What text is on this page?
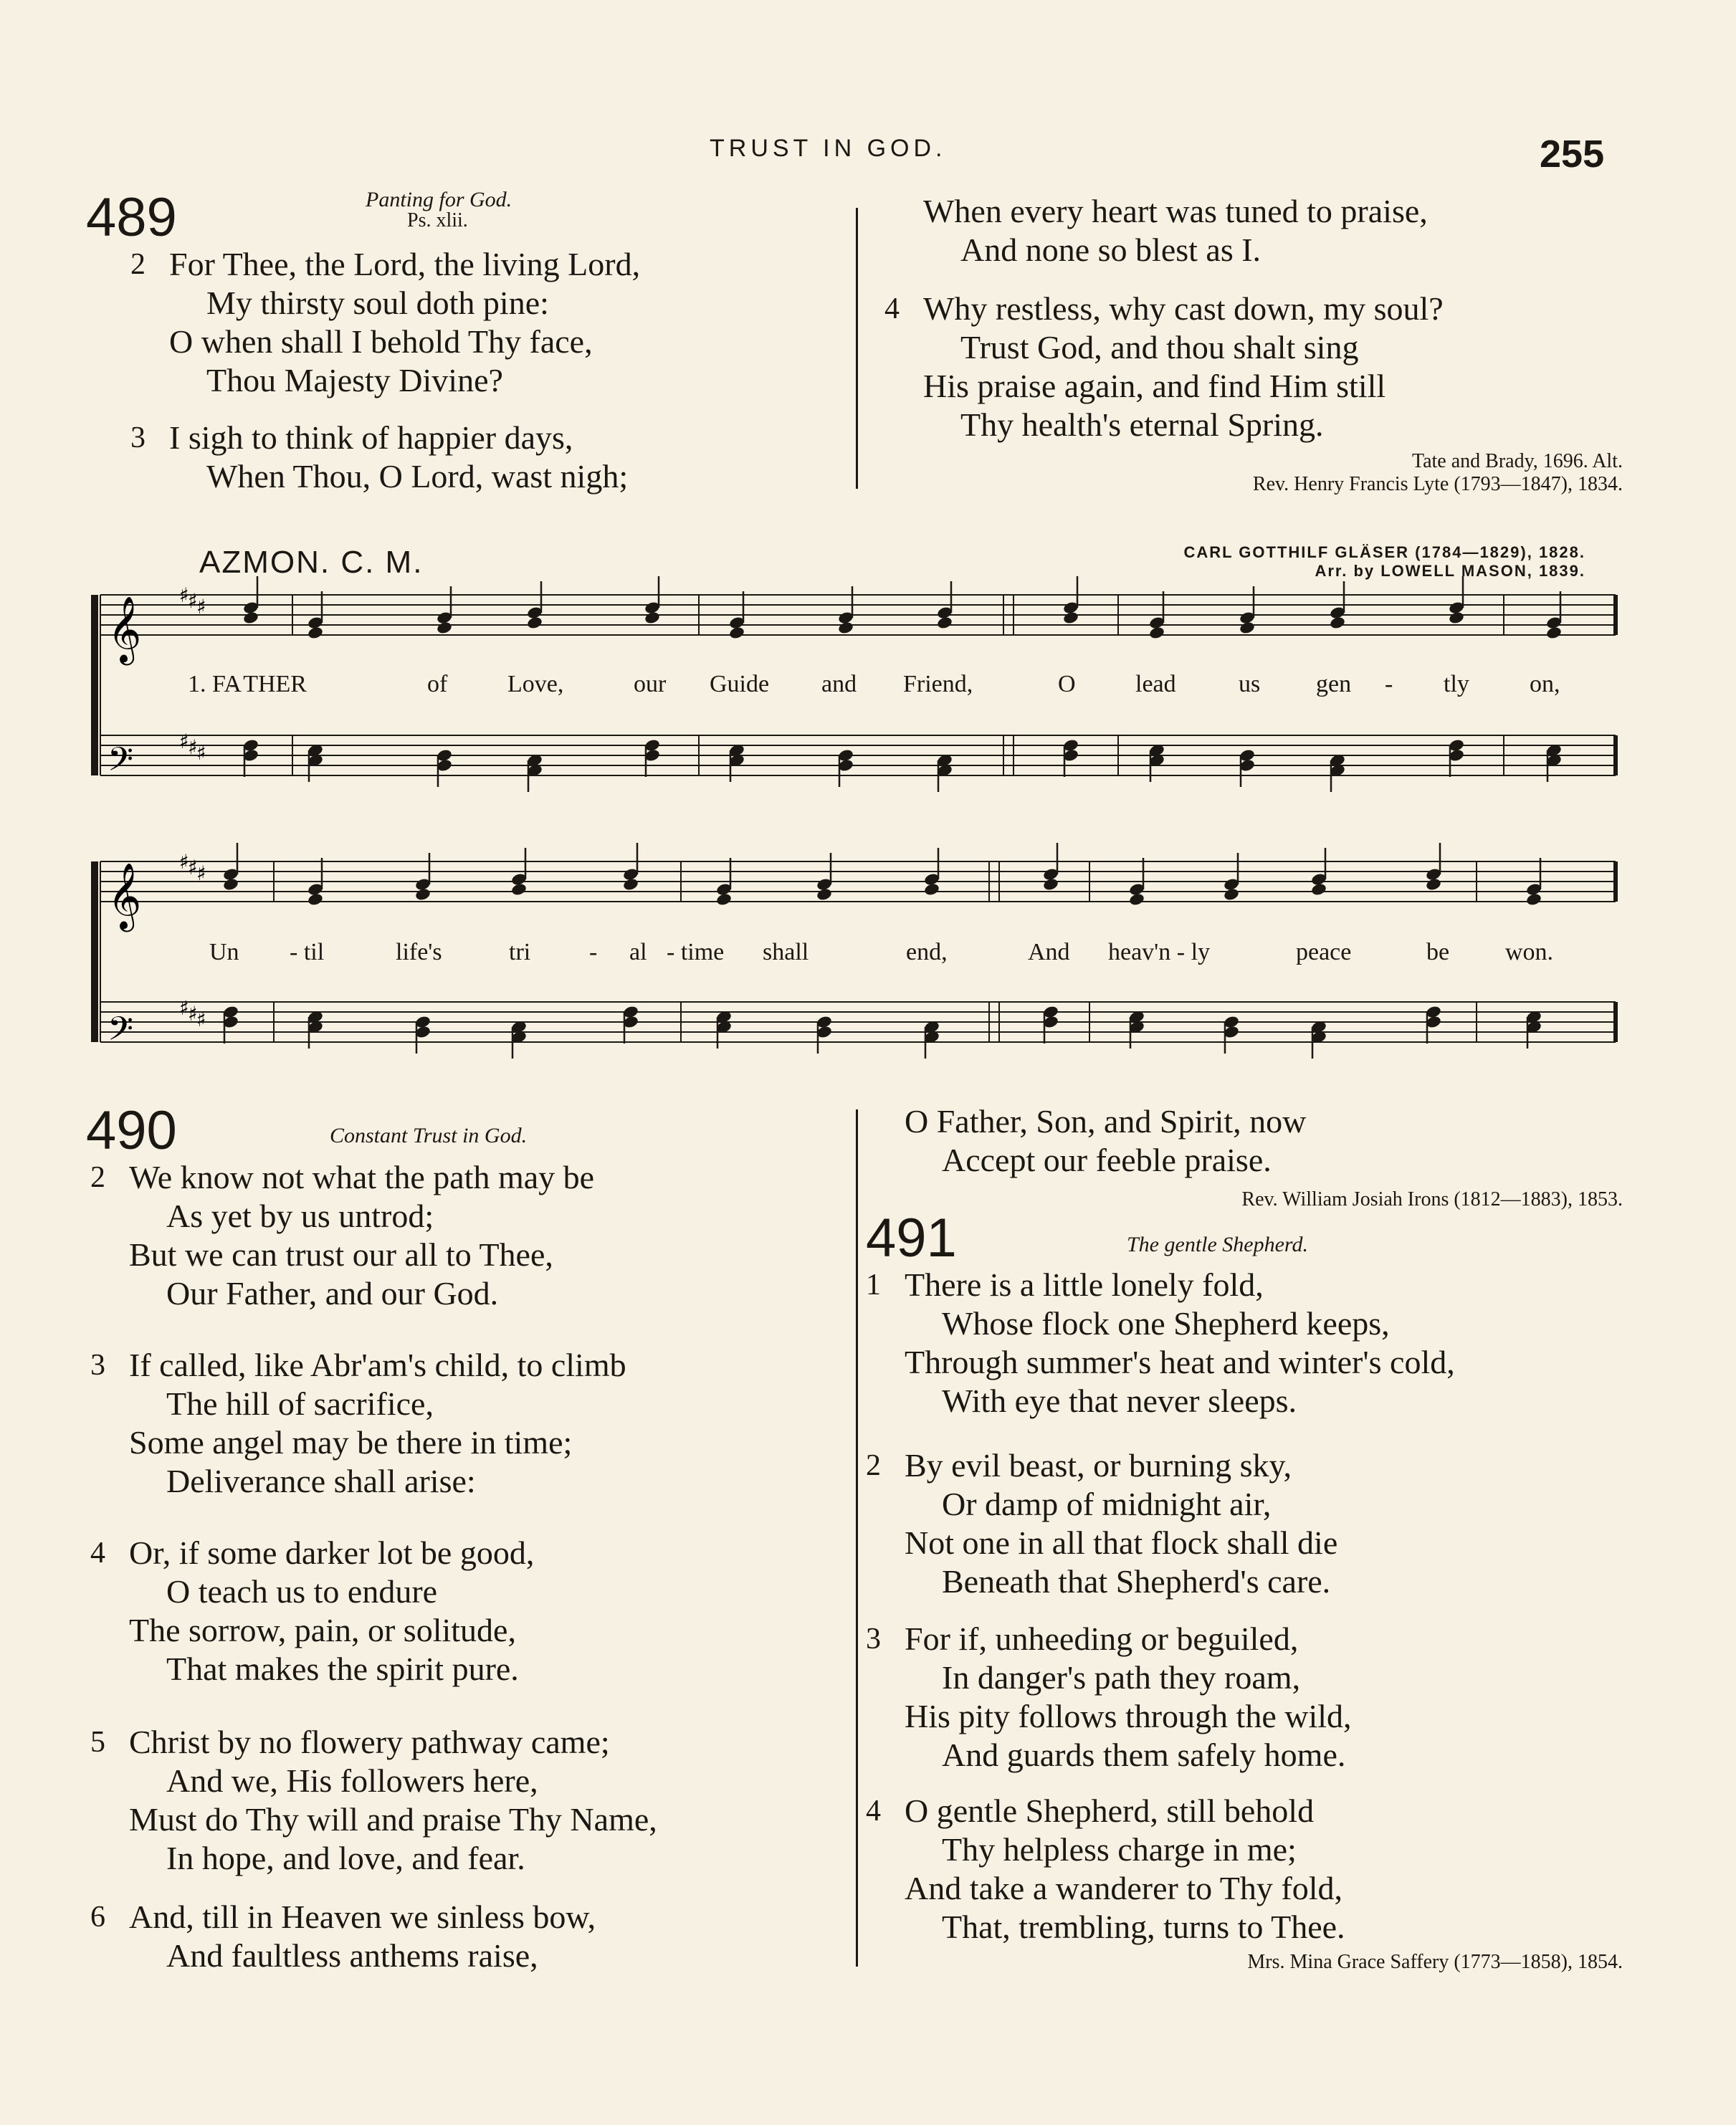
TRUST IN GOD.	255
489	Panting for God.
Ps. xlii.
2 For Thee, the Lord, the living Lord,
My thirsty soul doth pine:
O when shall I behold Thy face,
Thou Majesty Divine?
3 I sigh to think of happier days,
When Thou, O Lord, wast nigh;
When every heart was tuned to praise,
And none so blest as I.
4 Why restless, why cast down, my soul?
Trust God, and thou shalt sing
His praise again, and find Him still
Thy health's eternal Spring.
Tate and Brady, 1696. Alt.
Rev. Henry Francis Lyte (1793—1847), 1834.
AZMON. C. M.	CARL GOTTHILF GLÄSER (1784—1829), 1828.
Arr. by LOWELL MASON, 1839.
♯
♯
♯
♯
♯
♯
𝄞
𝄢
♯
♯
♯
♯
♯
♯
𝄞
𝄢
1. FA
- THER	of Love,	our Guide and Friend,	O lead	us gen - tly on,
Un - til	life's	tri - al - time shall	end,	And heav'n - ly	peace	be won.
490	Constant Trust in God.
2 We know not what the path may be
As yet by us untrod;
But we can trust our all to Thee,
Our Father, and our God.
3 If called, like Abr'am's child, to climb
The hill of sacrifice,
Some angel may be there in time;
Deliverance shall arise:
4 Or, if some darker lot be good,
O teach us to endure
The sorrow, pain, or solitude,
That makes the spirit pure.
5 Christ by no flowery pathway came;
And we, His followers here,
Must do Thy will and praise Thy Name,
In hope, and love, and fear.
6 And, till in Heaven we sinless bow,
And faultless anthems raise,
O Father, Son, and Spirit, now
Accept our feeble praise.
Rev. William Josiah Irons (1812—1883), 1853.
491	The gentle Shepherd.
1 There is a little lonely fold,
Whose flock one Shepherd keeps,
Through summer's heat and winter's cold,
With eye that never sleeps.
2 By evil beast, or burning sky,
Or damp of midnight air,
Not one in all that flock shall die
Beneath that Shepherd's care.
3 For if, unheeding or beguiled,
In danger's path they roam,
His pity follows through the wild,
And guards them safely home.
4 O gentle Shepherd, still behold
Thy helpless charge in me;
And take a wanderer to Thy fold,
That, trembling, turns to Thee.
Mrs. Mina Grace Saffery (1773—1858), 1854.
